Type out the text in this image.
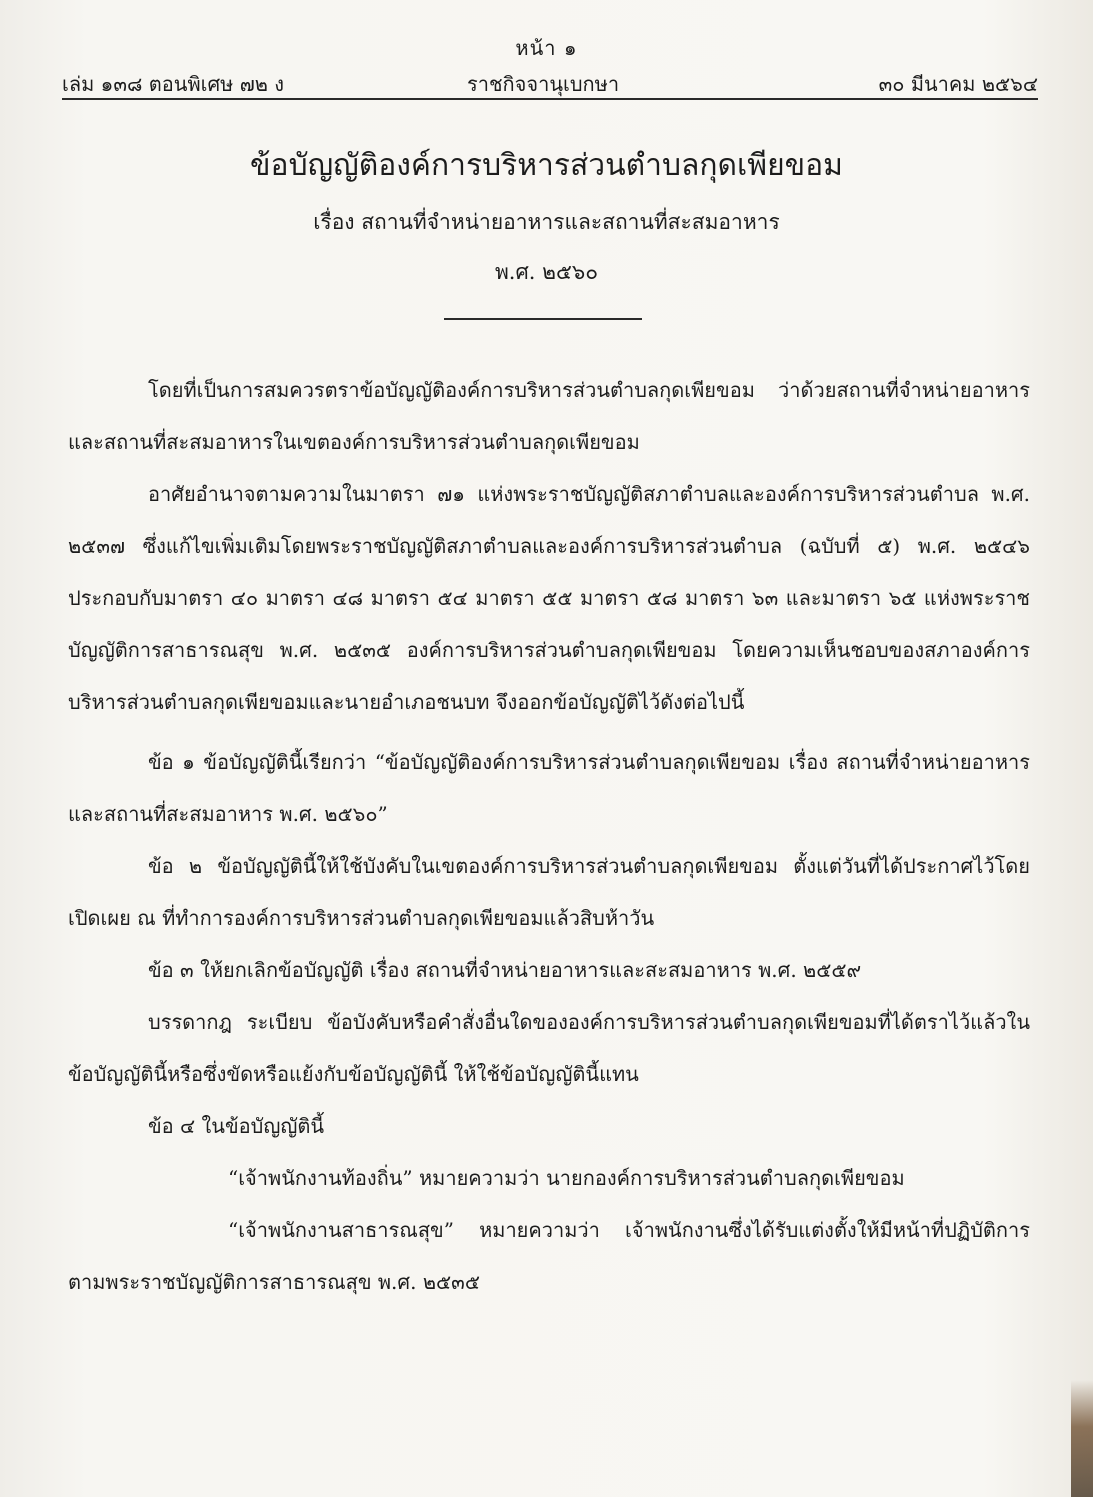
หน้า ๑
เล่ม ๑๓๘ ตอนพิเศษ ๗๒ ง	ราชกิจจานุเบกษา	๓๐ มีนาคม ๒๕๖๔
ข้อบัญญัติองค์การบริหารส่วนตำบลกุดเพียขอม
เรื่อง สถานที่จำหน่ายอาหารและสถานที่สะสมอาหาร
พ.ศ. ๒๕๖๐

โดยที่เป็นการสมควรตราข้อบัญญัติองค์การบริหารส่วนตำบลกุดเพียขอม ว่าด้วยสถานที่จำหน่ายอาหารและสถานที่สะสมอาหารในเขตองค์การบริหารส่วนตำบลกุดเพียขอม

อาศัยอำนาจตามความในมาตรา ๗๑ แห่งพระราชบัญญัติสภาตำบลและองค์การบริหารส่วนตำบล พ.ศ. ๒๕๓๗ ซึ่งแก้ไขเพิ่มเติมโดยพระราชบัญญัติสภาตำบลและองค์การบริหารส่วนตำบล (ฉบับที่ ๕) พ.ศ. ๒๕๔๖ ประกอบกับมาตรา ๔๐ มาตรา ๔๘ มาตรา ๕๔ มาตรา ๕๕ มาตรา ๕๘ มาตรา ๖๓ และมาตรา ๖๕ แห่งพระราชบัญญัติการสาธารณสุข พ.ศ. ๒๕๓๕ องค์การบริหารส่วนตำบลกุดเพียขอม โดยความเห็นชอบของสภาองค์การบริหารส่วนตำบลกุดเพียขอมและนายอำเภอชนบท จึงออกข้อบัญญัติไว้ดังต่อไปนี้

ข้อ ๑ ข้อบัญญัตินี้เรียกว่า “ข้อบัญญัติองค์การบริหารส่วนตำบลกุดเพียขอม เรื่อง สถานที่จำหน่ายอาหารและสถานที่สะสมอาหาร พ.ศ. ๒๕๖๐”

ข้อ ๒ ข้อบัญญัตินี้ให้ใช้บังคับในเขตองค์การบริหารส่วนตำบลกุดเพียขอม ตั้งแต่วันที่ได้ประกาศไว้โดยเปิดเผย ณ ที่ทำการองค์การบริหารส่วนตำบลกุดเพียขอมแล้วสิบห้าวัน

ข้อ ๓ ให้ยกเลิกข้อบัญญัติ เรื่อง สถานที่จำหน่ายอาหารและสะสมอาหาร พ.ศ. ๒๕๕๙

บรรดากฎ ระเบียบ ข้อบังคับหรือคำสั่งอื่นใดขององค์การบริหารส่วนตำบลกุดเพียขอมที่ได้ตราไว้แล้วในข้อบัญญัตินี้หรือซึ่งขัดหรือแย้งกับข้อบัญญัตินี้ ให้ใช้ข้อบัญญัตินี้แทน

ข้อ ๔ ในข้อบัญญัตินี้

“เจ้าพนักงานท้องถิ่น” หมายความว่า นายกองค์การบริหารส่วนตำบลกุดเพียขอม

“เจ้าพนักงานสาธารณสุข” หมายความว่า เจ้าพนักงานซึ่งได้รับแต่งตั้งให้มีหน้าที่ปฏิบัติการตามพระราชบัญญัติการสาธารณสุข พ.ศ. ๒๕๓๕
